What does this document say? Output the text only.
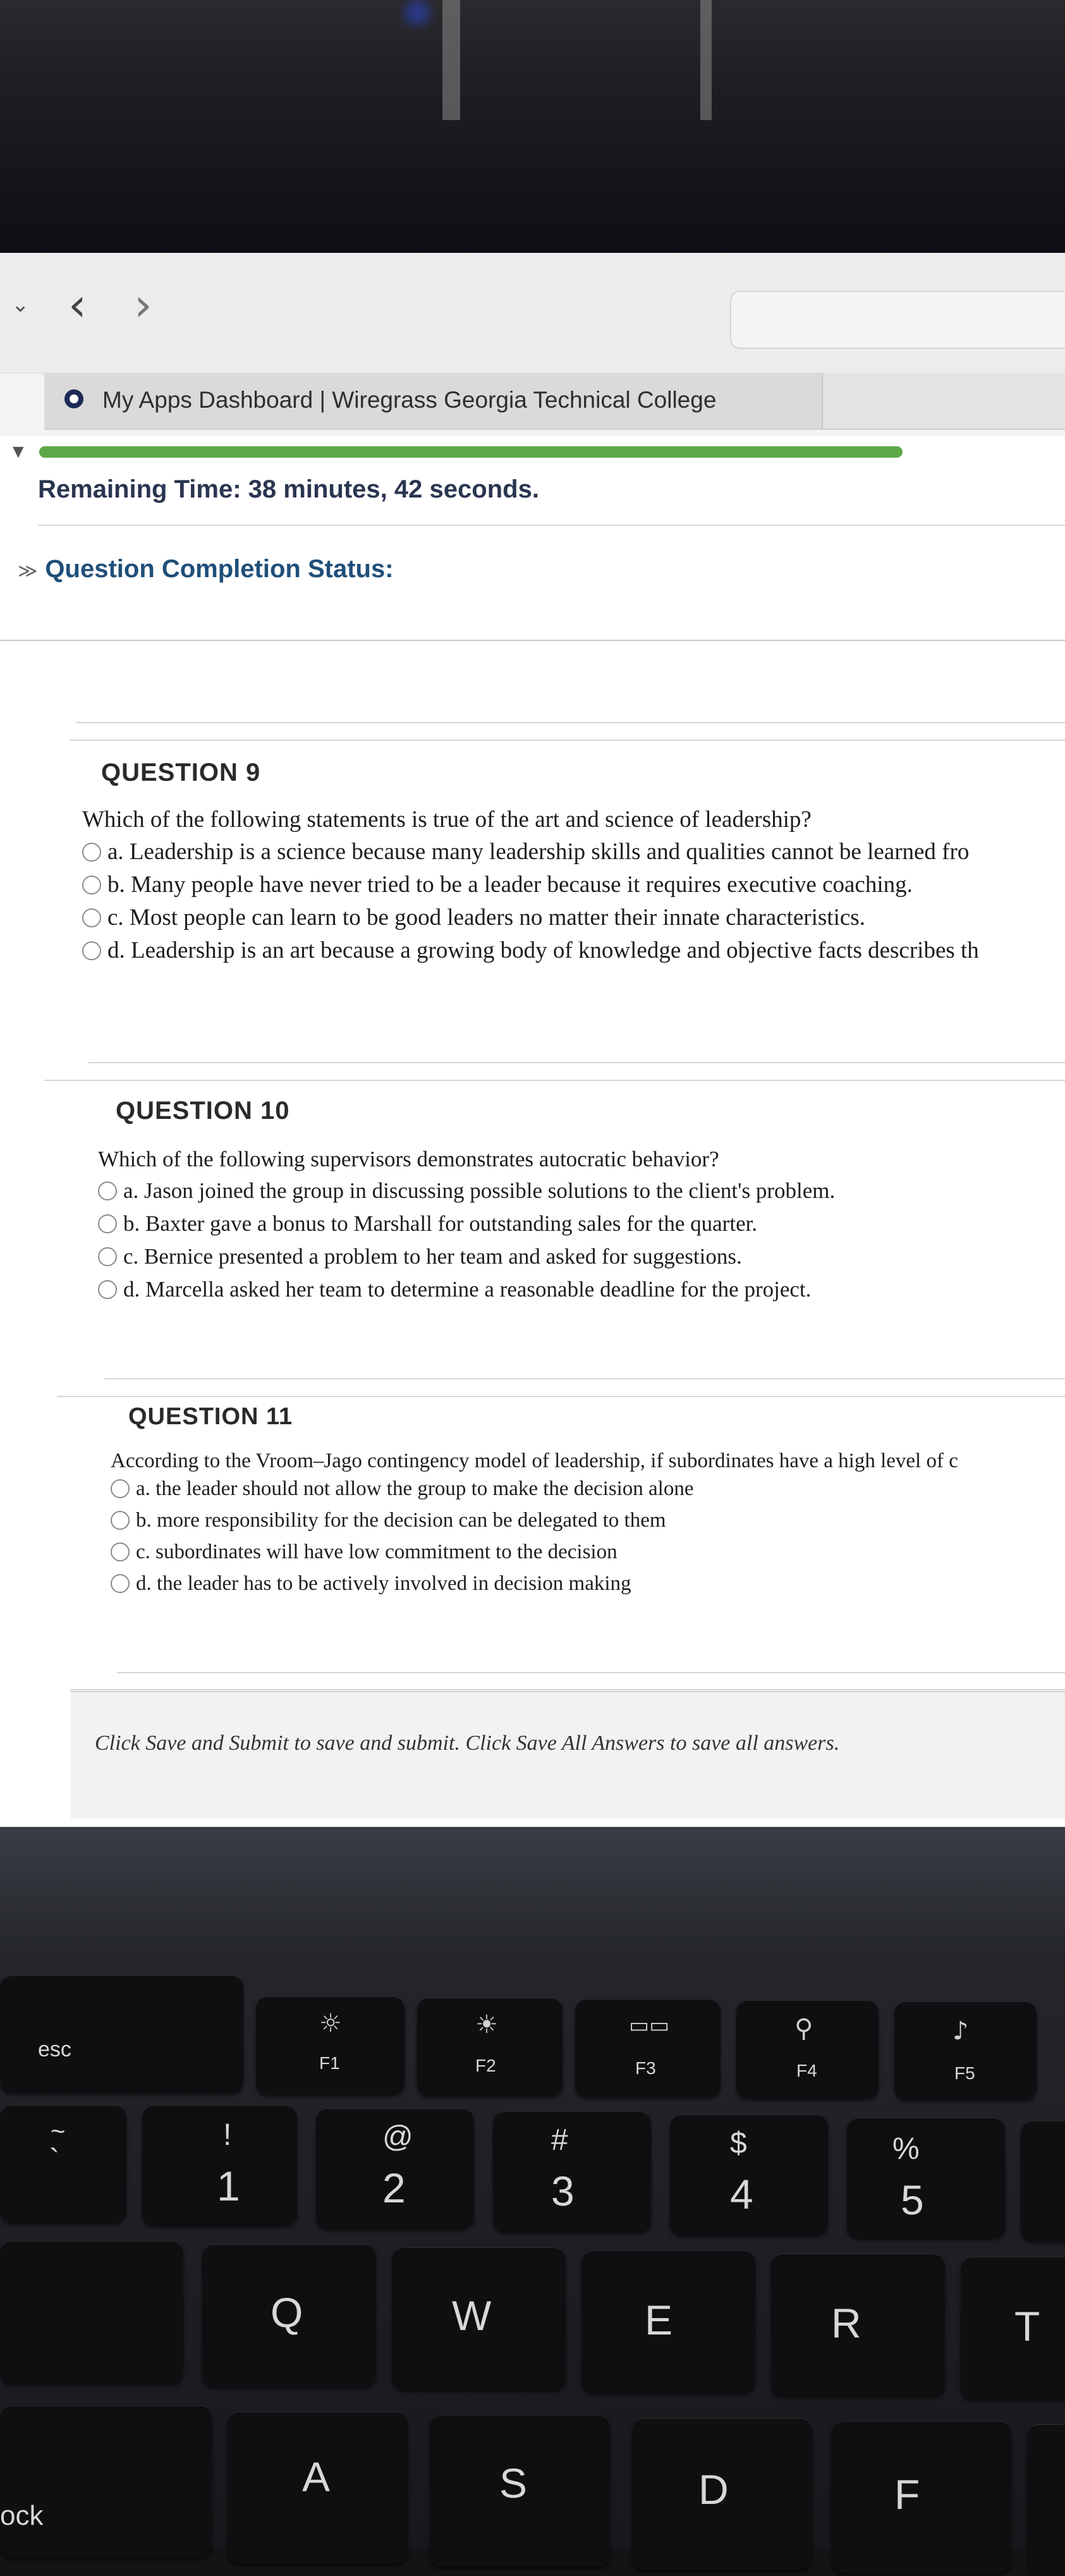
⌄ ‹ ›
My Apps Dashboard | Wiregrass Georgia Technical College
▼
Remaining Time: 38 minutes, 42 seconds.
≫ Question Completion Status:
QUESTION 9
Which of the following statements is true of the art and science of leadership?
a. Leadership is a science because many leadership skills and qualities cannot be learned fro
b. Many people have never tried to be a leader because it requires executive coaching.
c. Most people can learn to be good leaders no matter their innate characteristics.
d. Leadership is an art because a growing body of knowledge and objective facts describes th
QUESTION 10
Which of the following supervisors demonstrates autocratic behavior?
a. Jason joined the group in discussing possible solutions to the client's problem.
b. Baxter gave a bonus to Marshall for outstanding sales for the quarter.
c. Bernice presented a problem to her team and asked for suggestions.
d. Marcella asked her team to determine a reasonable deadline for the project.
QUESTION 11
According to the Vroom–Jago contingency model of leadership, if subordinates have a high level of c
a. the leader should not allow the group to make the decision alone
b. more responsibility for the decision can be delegated to them
c. subordinates will have low commitment to the decision
d. the leader has to be actively involved in decision making
Click Save and Submit to save and submit. Click Save All Answers to save all answers.
esc
☼
F1
☀
F2
▭▭
F3
⚲
F4
♪
F5
~
`
!
1
@
2
#
3
$
4
%
5
Q	W	E	R	T
ock
A	S	D	F
